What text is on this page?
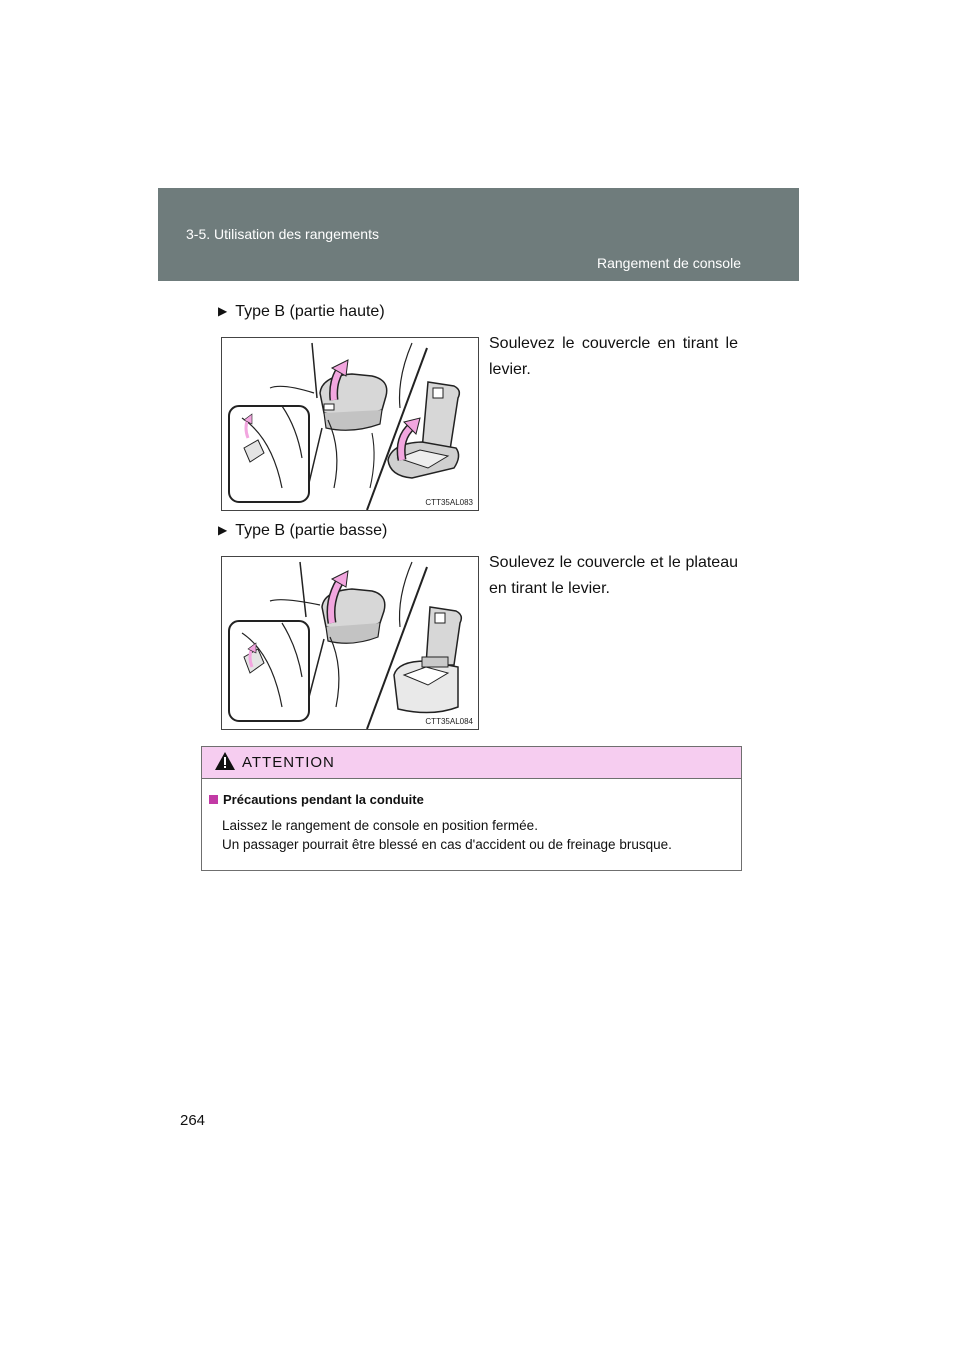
3-5. Utilisation des rangements
Rangement de console
▶ Type B (partie haute)
CTT35AL083
Soulevez le couvercle en tirant le levier.
▶ Type B (partie basse)
CTT35AL084
Soulevez le couvercle et le plateau en tirant le levier.
ATTENTION
Précautions pendant la conduite
Laissez le rangement de console en position fermée.
Un passager pourrait être blessé en cas d'accident ou de freinage brusque.
264
